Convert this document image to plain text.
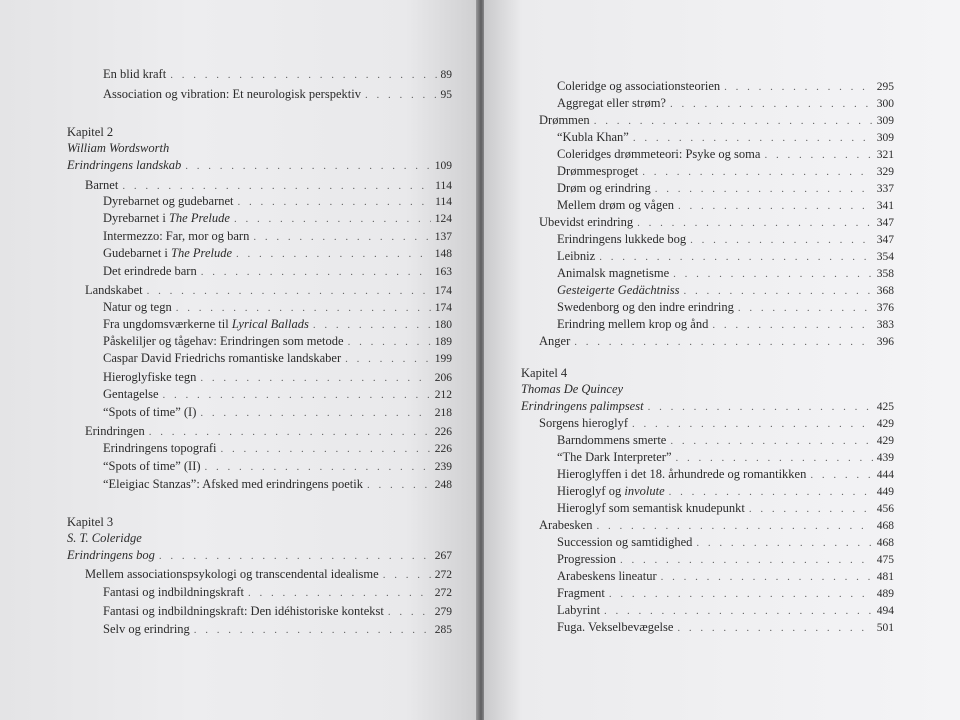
En blid kraft . . .	89
Association og vibration: Et neurologisk perspektiv . . .	95
Kapitel 2
William Wordsworth
Erindringens landskab . . .	109
Barnet . . .	114
Dyrebarnet og gudebarnet . . .	114
Dyrebarnet i The Prelude . . .	124
Intermezzo: Far, mor og barn . . .	137
Gudebarnet i The Prelude . . .	148
Det erindrede barn . . .	163
Landskabet . . .	174
Natur og tegn . . .	174
Fra ungdomsværkerne til Lyrical Ballads . . .	180
Påskeliljer og tågehav: Erindringen som metode . . .	189
Caspar David Friedrichs romantiske landskaber . . .	199
Hieroglyfiske tegn . . .	206
Gentagelse . . .	212
“Spots of time” (I) . . .	218
Erindringen . . .	226
Erindringens topografi . . .	226
“Spots of time” (II) . . .	239
“Eleigiac Stanzas”: Afsked med erindringens poetik . . .	248
Kapitel 3
S. T. Coleridge
Erindringens bog . . .	267
Mellem associationspsykologi og transcendental idealisme . . .	272
Fantasi og indbildningskraft . . .	272
Fantasi og indbildningskraft: Den idéhistoriske kontekst . . .	279
Selv og erindring . . .	285
Coleridge og associationsteorien . . .	295
Aggregat eller strøm? . . .	300
Drømmen . . .	309
“Kubla Khan” . . .	309
Coleridges drømmeteori: Psyke og soma . . .	321
Drømmesproget . . .	329
Drøm og erindring . . .	337
Mellem drøm og vågen . . .	341
Ubevidst erindring . . .	347
Erindringens lukkede bog . . .	347
Leibniz . . .	354
Animalsk magnetisme . . .	358
Gesteigerte Gedächtniss . . .	368
Swedenborg og den indre erindring . . .	376
Erindring mellem krop og ånd . . .	383
Anger . . .	396
Kapitel 4
Thomas De Quincey
Erindringens palimpsest . . .	425
Sorgens hieroglyf . . .	429
Barndommens smerte . . .	429
“The Dark Interpreter” . . .	439
Hieroglyffen i det 18. århundrede og romantikken . . .	444
Hieroglyf og involute . . .	449
Hieroglyf som semantisk knudepunkt . . .	456
Arabesken . . .	468
Succession og samtidighed . . .	468
Progression . . .	475
Arabeskens lineatur . . .	481
Fragment . . .	489
Labyrint . . .	494
Fuga. Vekselbevægelse . . .	501
